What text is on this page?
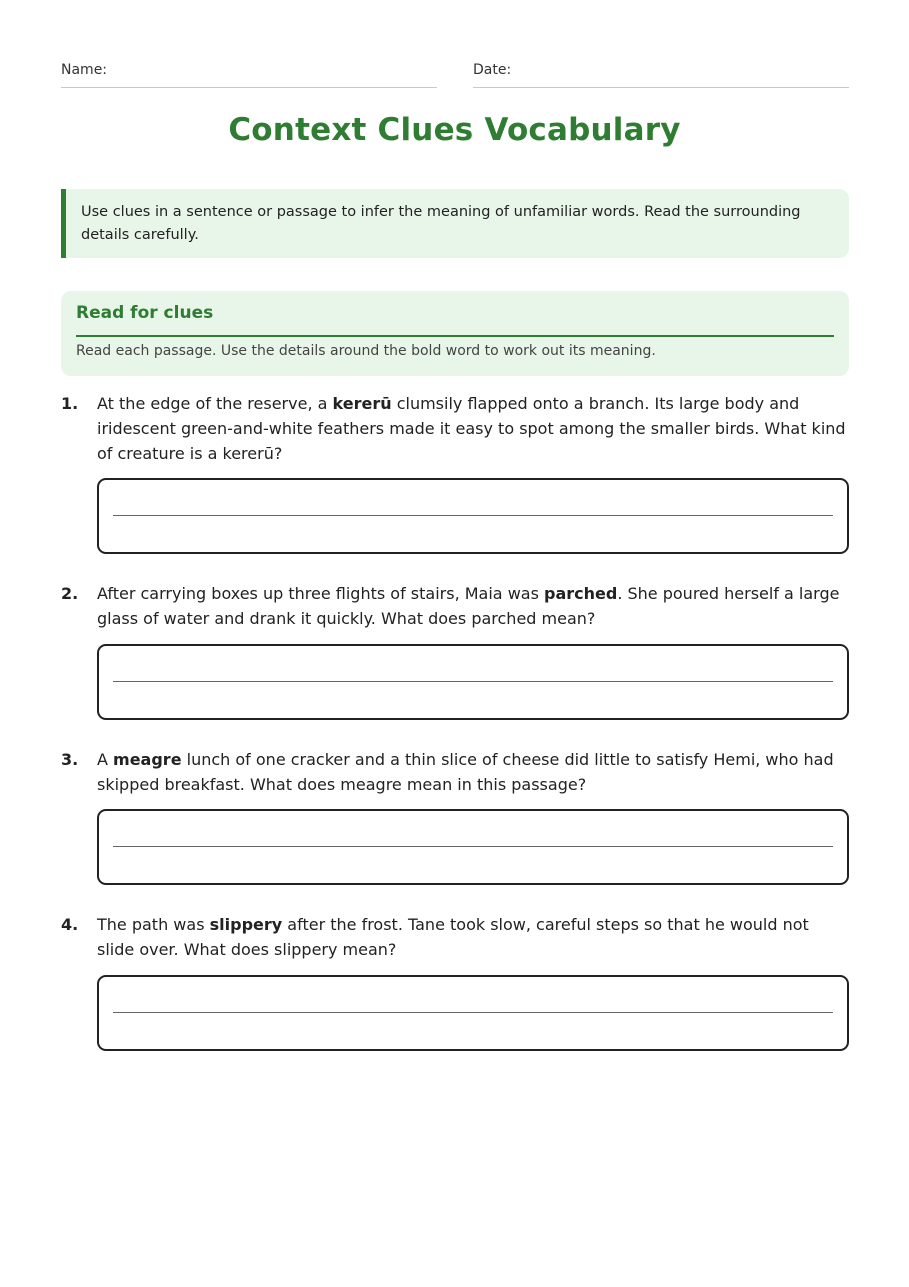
Name:	Date:
Context Clues Vocabulary
Use clues in a sentence or passage to infer the meaning of unfamiliar words. Read the surrounding details carefully.
Read for clues
Read each passage. Use the details around the bold word to work out its meaning.
1. At the edge of the reserve, a kererū clumsily flapped onto a branch. Its large body and iridescent green-and-white feathers made it easy to spot among the smaller birds. What kind of creature is a kererū?
2. After carrying boxes up three flights of stairs, Maia was parched. She poured herself a large glass of water and drank it quickly. What does parched mean?
3. A meagre lunch of one cracker and a thin slice of cheese did little to satisfy Hemi, who had skipped breakfast. What does meagre mean in this passage?
4. The path was slippery after the frost. Tane took slow, careful steps so that he would not slide over. What does slippery mean?
